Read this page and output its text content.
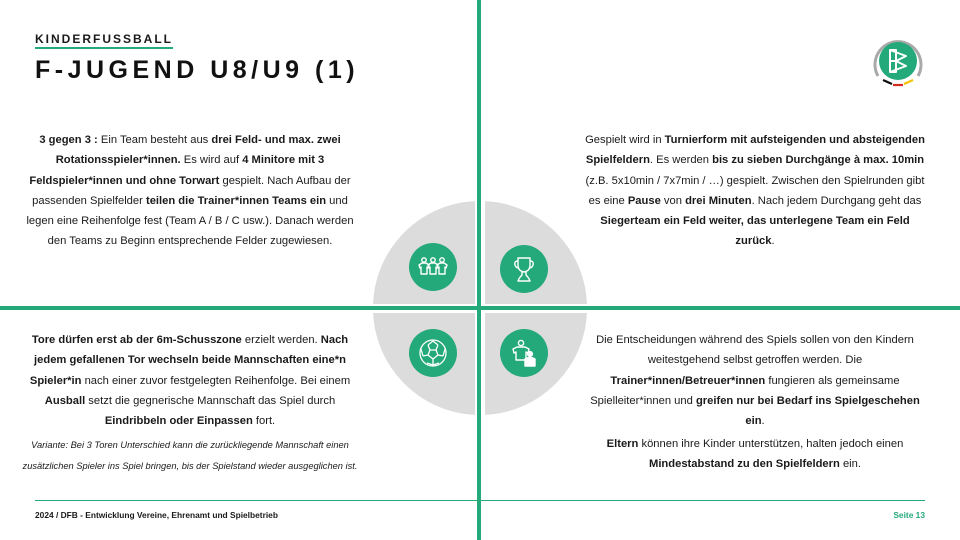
KINDERFUSSBALL
F-JUGEND U8/U9 (1)
3 gegen 3 : Ein Team besteht aus drei Feld- und max. zwei Rotationsspieler*innen. Es wird auf 4 Minitore mit 3 Feldspieler*innen und ohne Torwart gespielt. Nach Aufbau der passenden Spielfelder teilen die Trainer*innen Teams ein und legen eine Reihenfolge fest (Team A / B / C usw.). Danach werden den Teams zu Beginn entsprechende Felder zugewiesen.
Gespielt wird in Turnierform mit aufsteigenden und absteigenden Spielfeldern. Es werden bis zu sieben Durchgänge à max. 10min (z.B. 5x10min / 7x7min / …) gespielt. Zwischen den Spielrunden gibt es eine Pause von drei Minuten. Nach jedem Durchgang geht das Siegerteam ein Feld weiter, das unterlegene Team ein Feld zurück.
Tore dürfen erst ab der 6m-Schusszone erzielt werden. Nach jedem gefallenen Tor wechseln beide Mannschaften eine*n Spieler*in nach einer zuvor festgelegten Reihenfolge. Bei einem Ausball setzt die gegnerische Mannschaft das Spiel durch Eindribbeln oder Einpassen fort.
Variante: Bei 3 Toren Unterschied kann die zurückliegende Mannschaft einen zusätzlichen Spieler ins Spiel bringen, bis der Spielstand wieder ausgeglichen ist.
Die Entscheidungen während des Spiels sollen von den Kindern weitestgehend selbst getroffen werden. Die Trainer*innen/Betreuer*innen fungieren als gemeinsame Spielleiter*innen und greifen nur bei Bedarf ins Spielgeschehen ein.
Eltern können ihre Kinder unterstützen, halten jedoch einen Mindestabstand zu den Spielfeldern ein.
2024 / DFB - Entwicklung Vereine, Ehrenamt und Spielbetrieb	Seite 13
